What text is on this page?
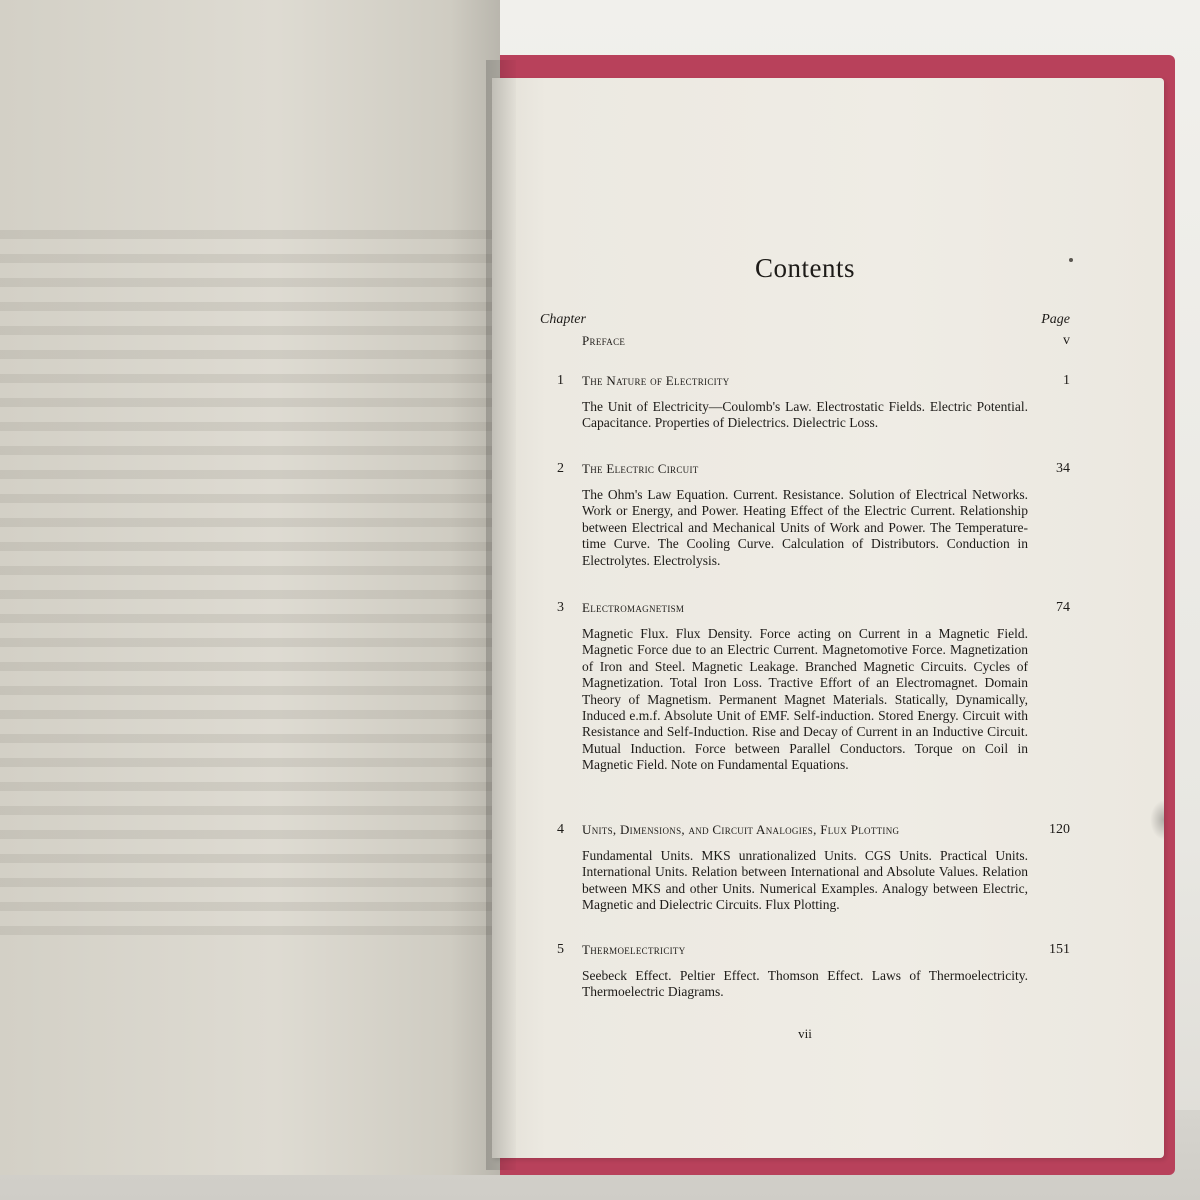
Contents
Chapter	Page
Preface	v
1 The Nature of Electricity	1
The Unit of Electricity—Coulomb's Law. Electrostatic Fields. Electric Potential. Capacitance. Properties of Dielectrics. Dielectric Loss.
2 The Electric Circuit	34
The Ohm's Law Equation. Current. Resistance. Solution of Electrical Networks. Work or Energy, and Power. Heating Effect of the Electric Current. Relationship between Electrical and Mechanical Units of Work and Power. The Temperature-time Curve. The Cooling Curve. Calculation of Distributors. Conduction in Electrolytes. Electrolysis.
3 Electromagnetism	74
Magnetic Flux. Flux Density. Force acting on Current in a Magnetic Field. Magnetic Force due to an Electric Current. Magnetomotive Force. Magnetization of Iron and Steel. Magnetic Leakage. Branched Magnetic Circuits. Cycles of Magnetization. Total Iron Loss. Tractive Effort of an Electromagnet. Domain Theory of Magnetism. Permanent Magnet Materials. Statically, Dynamically, Induced e.m.f. Absolute Unit of EMF. Self-induction. Stored Energy. Circuit with Resistance and Self-Induction. Rise and Decay of Current in an Inductive Circuit. Mutual Induction. Force between Parallel Conductors. Torque on Coil in Magnetic Field. Note on Fundamental Equations.
4 Units, Dimensions, and Circuit Analogies, Flux Plotting	120
Fundamental Units. MKS unrationalized Units. CGS Units. Practical Units. International Units. Relation between International and Absolute Values. Relation between MKS and other Units. Numerical Examples. Analogy between Electric, Magnetic and Dielectric Circuits. Flux Plotting.
5 Thermoelectricity	151
Seebeck Effect. Peltier Effect. Thomson Effect. Laws of Thermoelectricity. Thermoelectric Diagrams.
vii
